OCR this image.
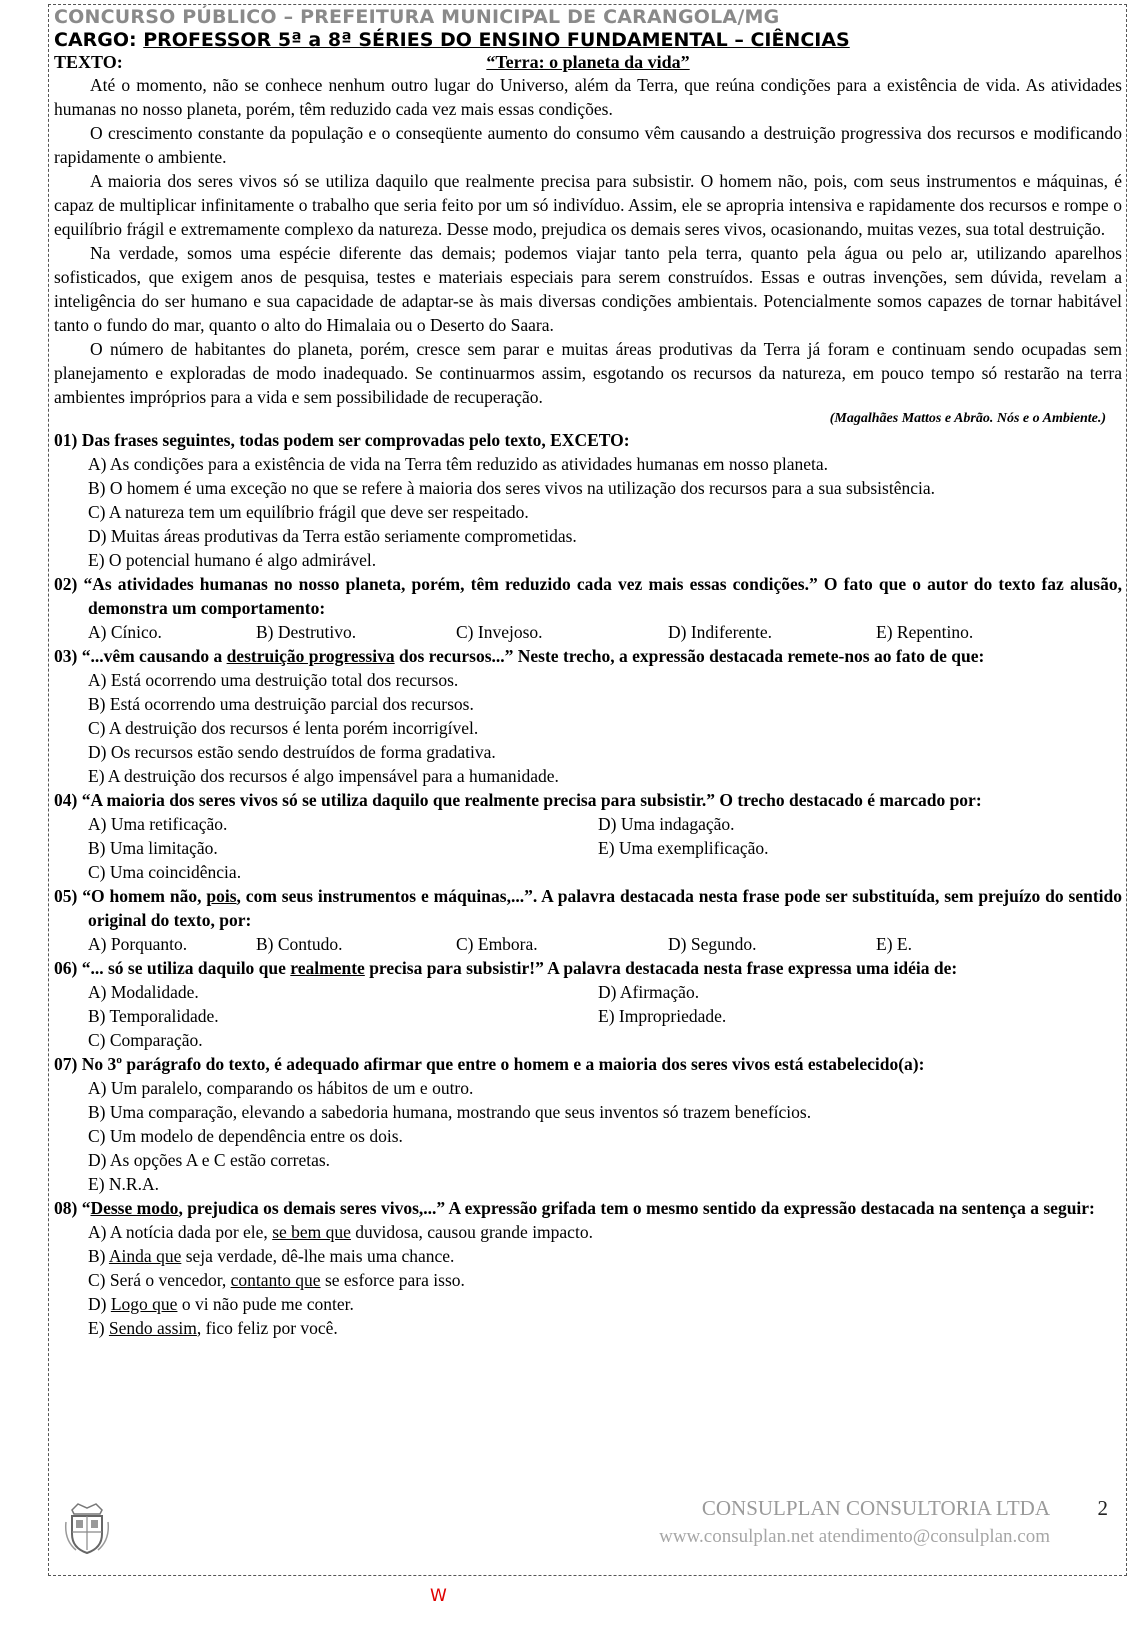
CONCURSO PÚBLICO – PREFEITURA MUNICIPAL DE CARANGOLA/MG
CARGO: PROFESSOR 5ª a 8ª SÉRIES DO ENSINO FUNDAMENTAL – CIÊNCIAS
TEXTO:	“Terra: o planeta da vida”

Até o momento, não se conhece nenhum outro lugar do Universo, além da Terra, que reúna condições para a existência de vida. As atividades humanas no nosso planeta, porém, têm reduzido cada vez mais essas condições.

O crescimento constante da população e o conseqüente aumento do consumo vêm causando a destruição progressiva dos recursos e modificando rapidamente o ambiente.

A maioria dos seres vivos só se utiliza daquilo que realmente precisa para subsistir. O homem não, pois, com seus instrumentos e máquinas, é capaz de multiplicar infinitamente o trabalho que seria feito por um só indivíduo. Assim, ele se apropria intensiva e rapidamente dos recursos e rompe o equilíbrio frágil e extremamente complexo da natureza. Desse modo, prejudica os demais seres vivos, ocasionando, muitas vezes, sua total destruição.

Na verdade, somos uma espécie diferente das demais; podemos viajar tanto pela terra, quanto pela água ou pelo ar, utilizando aparelhos sofisticados, que exigem anos de pesquisa, testes e materiais especiais para serem construídos. Essas e outras invenções, sem dúvida, revelam a inteligência do ser humano e sua capacidade de adaptar-se às mais diversas condições ambientais. Potencialmente somos capazes de tornar habitável tanto o fundo do mar, quanto o alto do Himalaia ou o Deserto do Saara.

O número de habitantes do planeta, porém, cresce sem parar e muitas áreas produtivas da Terra já foram e continuam sendo ocupadas sem planejamento e exploradas de modo inadequado. Se continuarmos assim, esgotando os recursos da natureza, em pouco tempo só restarão na terra ambientes impróprios para a vida e sem possibilidade de recuperação.

(Magalhães Mattos e Abrão. Nós e o Ambiente.)
01) Das frases seguintes, todas podem ser comprovadas pelo texto, EXCETO:
A) As condições para a existência de vida na Terra têm reduzido as atividades humanas em nosso planeta.
B) O homem é uma exceção no que se refere à maioria dos seres vivos na utilização dos recursos para a sua subsistência.
C) A natureza tem um equilíbrio frágil que deve ser respeitado.
D) Muitas áreas produtivas da Terra estão seriamente comprometidas.
E) O potencial humano é algo admirável.
02) “As atividades humanas no nosso planeta, porém, têm reduzido cada vez mais essas condições.” O fato que o autor do texto faz alusão, demonstra um comportamento:
A) Cínico.	B) Destrutivo.	C) Invejoso.	D) Indiferente.	E) Repentino.
03) “...vêm causando a destruição progressiva dos recursos...” Neste trecho, a expressão destacada remete-nos ao fato de que:
A) Está ocorrendo uma destruição total dos recursos.
B) Está ocorrendo uma destruição parcial dos recursos.
C) A destruição dos recursos é lenta porém incorrigível.
D) Os recursos estão sendo destruídos de forma gradativa.
E) A destruição dos recursos é algo impensável para a humanidade.
04) “A maioria dos seres vivos só se utiliza daquilo que realmente precisa para subsistir.” O trecho destacado é marcado por:
A) Uma retificação.	D) Uma indagação.
B) Uma limitação.	E) Uma exemplificação.
C) Uma coincidência.
05) “O homem não, pois, com seus instrumentos e máquinas,...”. A palavra destacada nesta frase pode ser substituída, sem prejuízo do sentido original do texto, por:
A) Porquanto.	B) Contudo.	C) Embora.	D) Segundo.	E) E.
06) “... só se utiliza daquilo que realmente precisa para subsistir!” A palavra destacada nesta frase expressa uma idéia de:
A) Modalidade.	D) Afirmação.
B) Temporalidade.	E) Impropriedade.
C) Comparação.
07) No 3º parágrafo do texto, é adequado afirmar que entre o homem e a maioria dos seres vivos está estabelecido(a):
A) Um paralelo, comparando os hábitos de um e outro.
B) Uma comparação, elevando a sabedoria humana, mostrando que seus inventos só trazem benefícios.
C) Um modelo de dependência entre os dois.
D) As opções A e C estão corretas.
E) N.R.A.
08) “Desse modo, prejudica os demais seres vivos,...” A expressão grifada tem o mesmo sentido da expressão destacada na sentença a seguir:
A) A notícia dada por ele, se bem que duvidosa, causou grande impacto.
B) Ainda que seja verdade, dê-lhe mais uma chance.
C) Será o vencedor, contanto que se esforce para isso.
D) Logo que o vi não pude me conter.
E) Sendo assim, fico feliz por você.
CONSULPLAN CONSULTORIA LTDA 2
www.consulplan.net atendimento@consulplan.com
W
